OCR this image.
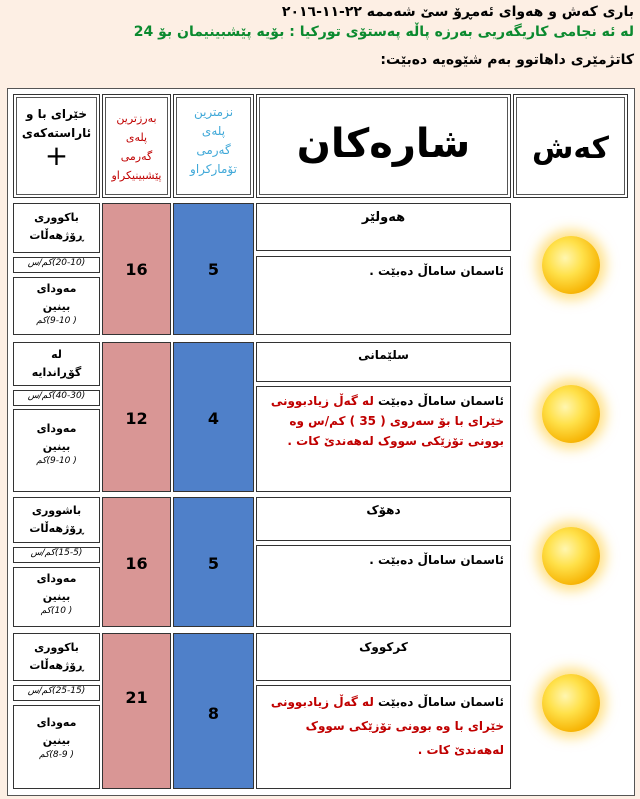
باری کەش و هەوای ئەمڕۆ سێ شەممە ٢٢-١١-٢٠١٦
لە ئە نجامی کاریگەریی بەرزە پاڵە پەستۆی تورکیا : بۆیە پێشبینیمان بۆ 24
کاتژمێری داهاتوو بەم شێوەیە دەبێت:
کەش
شارەکان
نزمترین
پلەی
گەرمی
تۆمارکراو
بەرزترین
پلەی
گەرمی
پێشبینیکراو
خێرای با و
ئاراستەکەی
+
هەولێر
ئاسمان ساماڵ دەبێت .
5
16
باکووری
ڕۆژهەڵات
(20-10)کم/س
مەودای
بینین
( 9-10)کم
سلێمانی
ئاسمان ساماڵ دەبێت لە گەڵ زیادبوونی خێرای با بۆ سەروی ( 35 ) کم/س وە بوونی تۆزێکی سووک لەهەندێ کات .
4
12
لە
گۆڕاندایە
(40-30)کم/س
مەودای
بینین
( 9-10)کم
دهۆک
ئاسمان ساماڵ دەبێت .
5
16
باشووری
ڕۆژهەڵات
(15-5)کم/س
مەودای
بینین
( 10)کم
کرکووک
ئاسمان ساماڵ دەبێت لە گەڵ زیادبوونی خێرای با وە بوونی تۆزێکی سووک لەهەندێ کات .
8
21
باکووری
ڕۆژهەڵات
(25-15)کم/س
مەودای
بینین
( 8-9)کم
